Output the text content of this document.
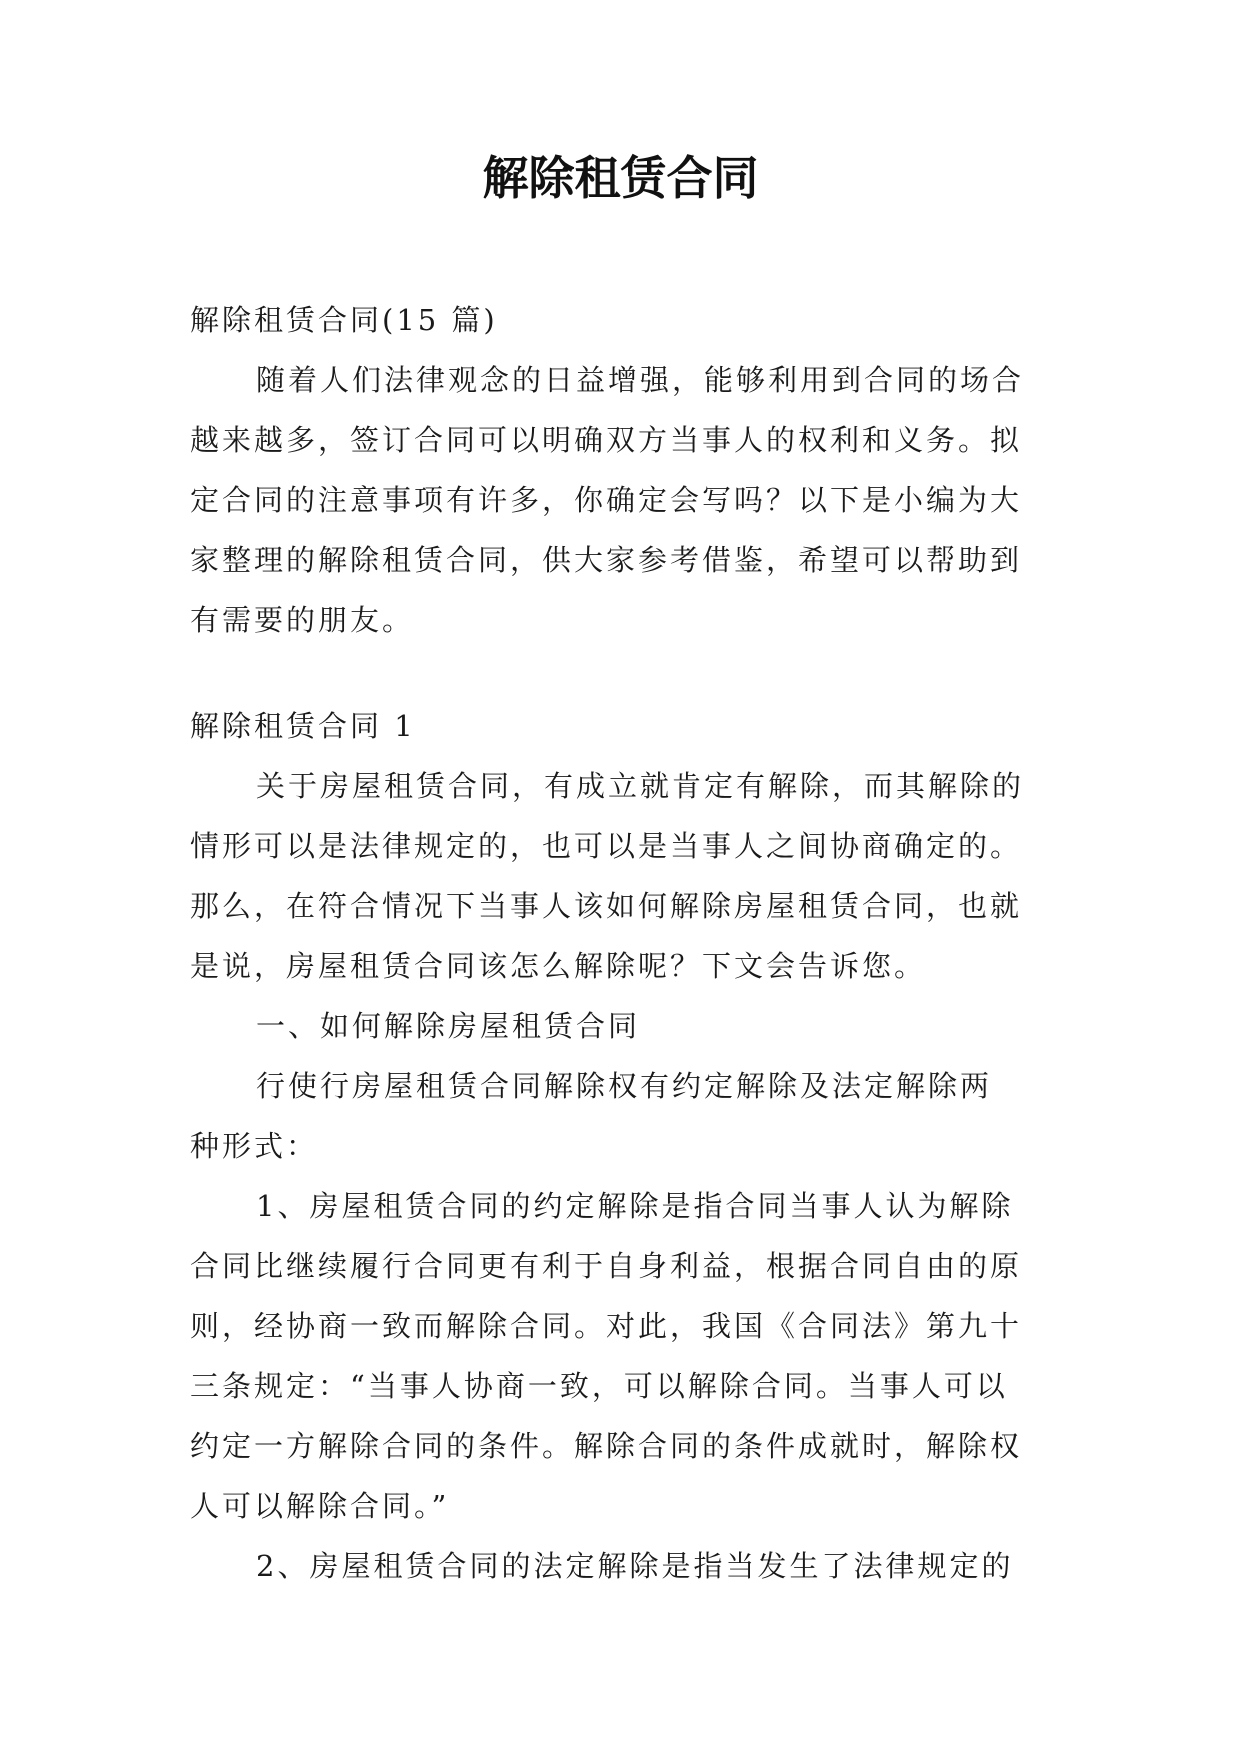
解除租赁合同
解除租赁合同(15 篇)
随着人们法律观念的日益增强，能够利用到合同的场合
越来越多，签订合同可以明确双方当事人的权利和义务。拟
定合同的注意事项有许多，你确定会写吗？以下是小编为大
家整理的解除租赁合同，供大家参考借鉴，希望可以帮助到
有需要的朋友。
解除租赁合同 1
关于房屋租赁合同，有成立就肯定有解除，而其解除的
情形可以是法律规定的，也可以是当事人之间协商确定的。
那么，在符合情况下当事人该如何解除房屋租赁合同，也就
是说，房屋租赁合同该怎么解除呢？下文会告诉您。
一、如何解除房屋租赁合同
行使行房屋租赁合同解除权有约定解除及法定解除两
种形式：
1、房屋租赁合同的约定解除是指合同当事人认为解除
合同比继续履行合同更有利于自身利益，根据合同自由的原
则，经协商一致而解除合同。对此，我国《合同法》第九十
三条规定：“当事人协商一致，可以解除合同。当事人可以
约定一方解除合同的条件。解除合同的条件成就时，解除权
人可以解除合同。”
2、房屋租赁合同的法定解除是指当发生了法律规定的
